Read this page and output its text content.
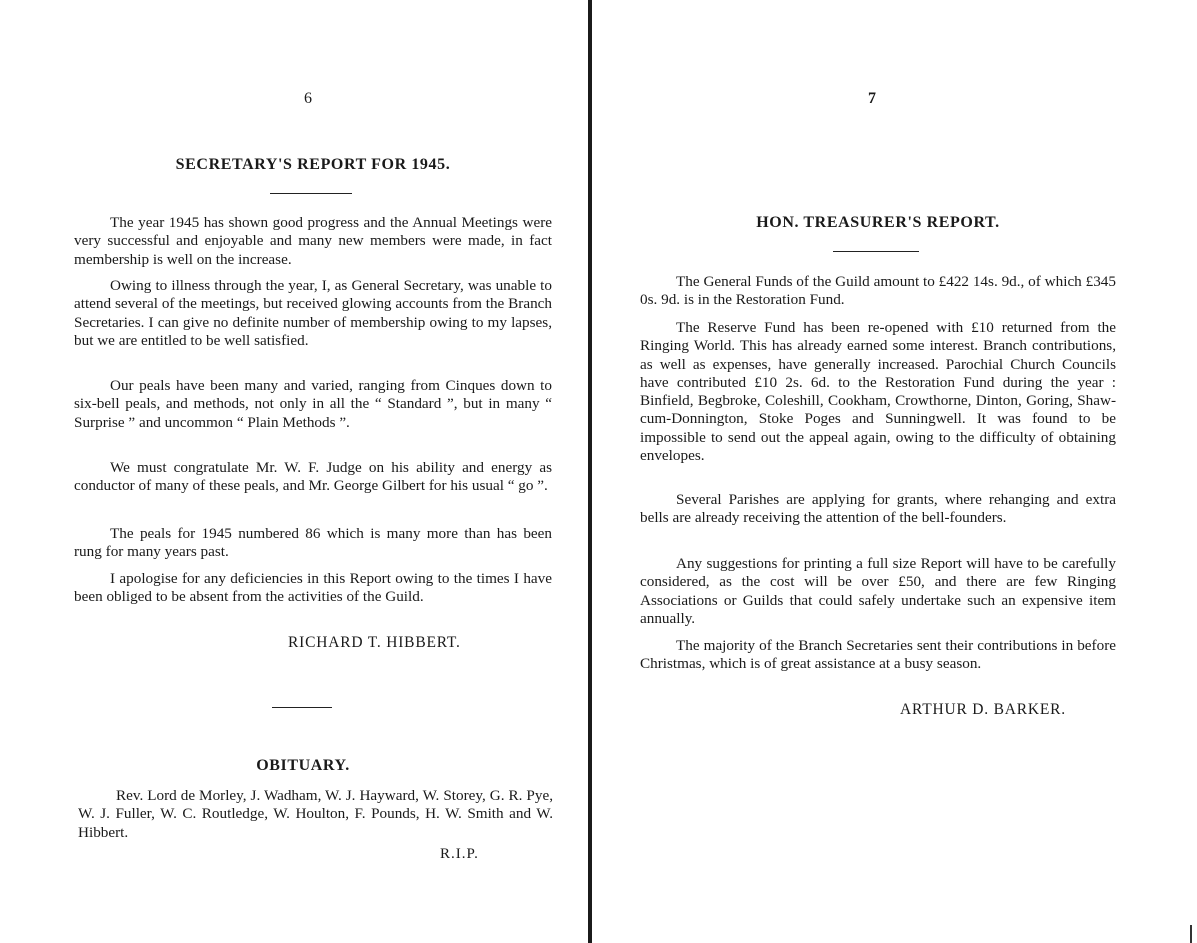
6
SECRETARY'S REPORT FOR 1945.

The year 1945 has shown good progress and the Annual Meetings were very successful and enjoyable and many new members were made, in fact membership is well on the increase.

Owing to illness through the year, I, as General Secretary, was unable to attend several of the meetings, but received glowing accounts from the Branch Secretaries. I can give no definite number of membership owing to my lapses, but we are entitled to be well satisfied.

Our peals have been many and varied, ranging from Cinques down to six-bell peals, and methods, not only in all the “ Standard ”, but in many “ Surprise ” and uncommon “ Plain Methods ”.

We must congratulate Mr. W. F. Judge on his ability and energy as conductor of many of these peals, and Mr. George Gilbert for his usual “ go ”.

The peals for 1945 numbered 86 which is many more than has been rung for many years past.

I apologise for any deficiencies in this Report owing to the times I have been obliged to be absent from the activities of the Guild.

RICHARD T. HIBBERT.
OBITUARY.

Rev. Lord de Morley, J. Wadham, W. J. Hayward, W. Storey, G. R. Pye, W. J. Fuller, W. C. Routledge, W. Houlton, F. Pounds, H. W. Smith and W. Hibbert.

R.I.P.
7
HON. TREASURER'S REPORT.

The General Funds of the Guild amount to £422 14s. 9d., of which £345 0s. 9d. is in the Restoration Fund.

The Reserve Fund has been re-opened with £10 returned from the Ringing World. This has already earned some interest. Branch contributions, as well as expenses, have generally increased. Parochial Church Councils have contributed £10 2s. 6d. to the Restoration Fund during the year : Binfield, Begbroke, Coleshill, Cookham, Crowthorne, Dinton, Goring, Shaw-cum-Donnington, Stoke Poges and Sunningwell. It was found to be impossible to send out the appeal again, owing to the difficulty of obtaining envelopes.

Several Parishes are applying for grants, where rehanging and extra bells are already receiving the attention of the bell-founders.

Any suggestions for printing a full size Report will have to be carefully considered, as the cost will be over £50, and there are few Ringing Associations or Guilds that could safely undertake such an expensive item annually.

The majority of the Branch Secretaries sent their contributions in before Christmas, which is of great assistance at a busy season.

ARTHUR D. BARKER.
